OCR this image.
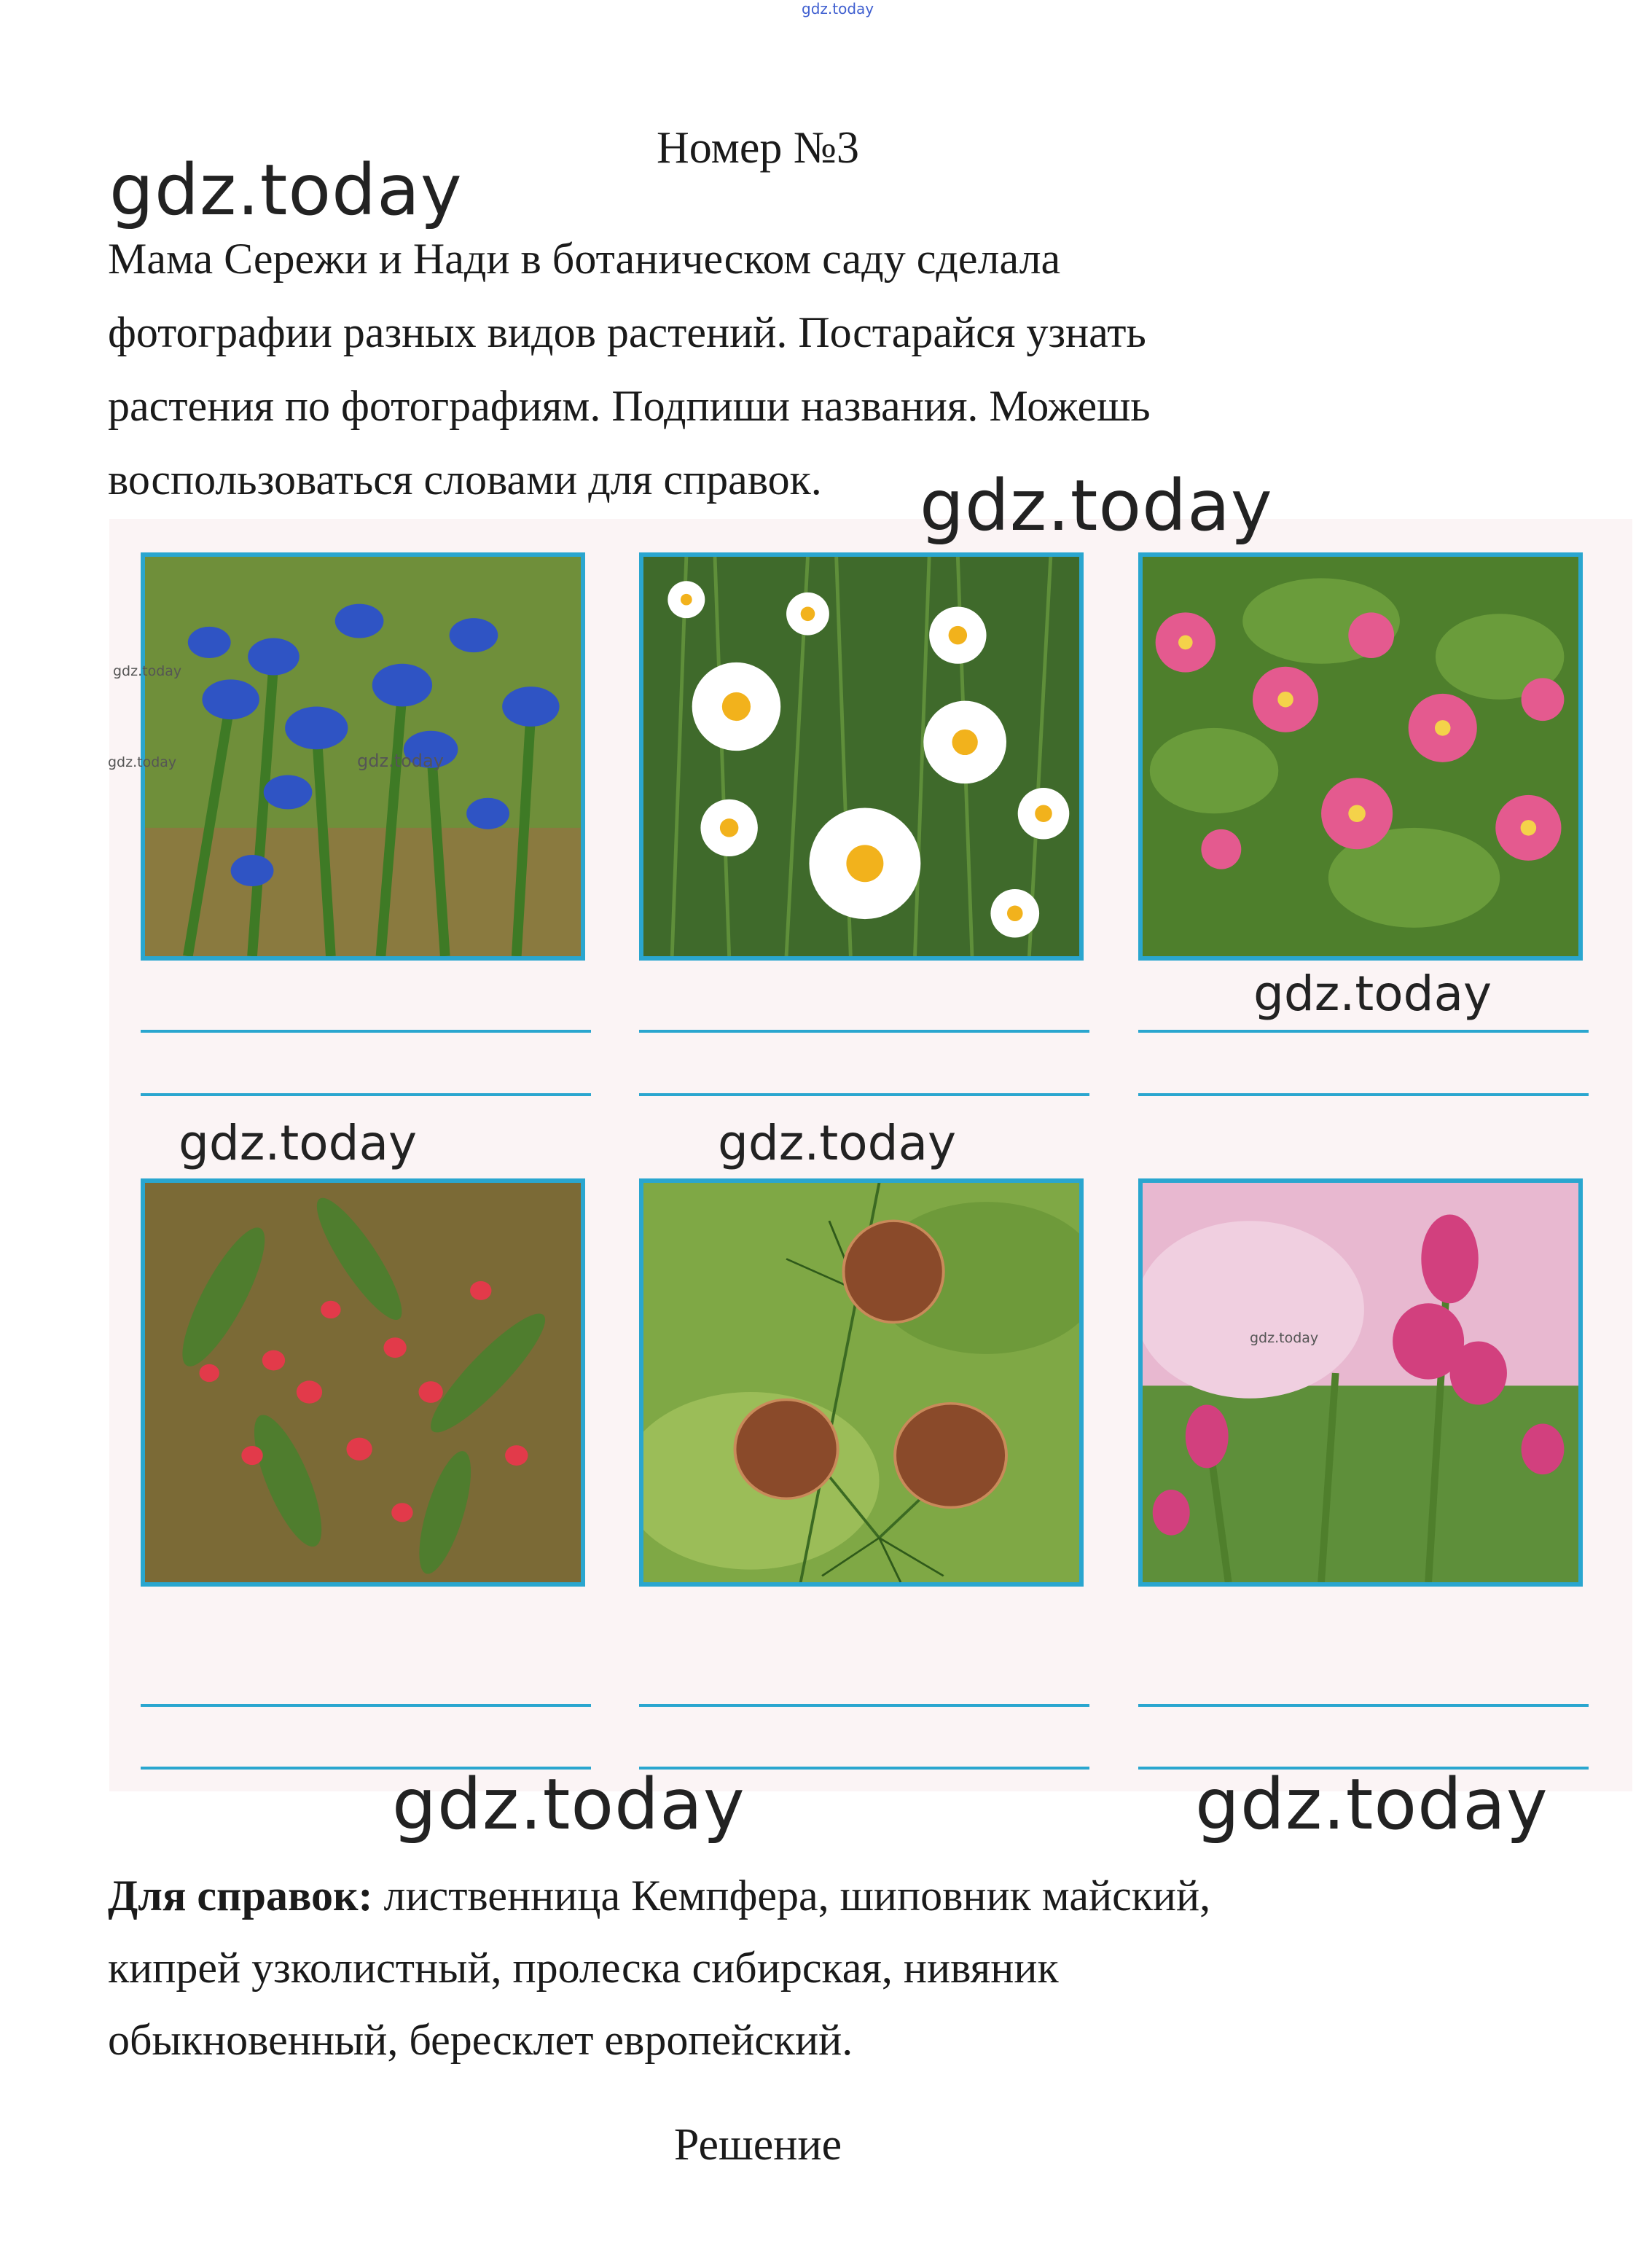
gdz.today
Номер №3
gdz.today
Мама Сережи и Нади в ботаническом саду сделала
фотографии разных видов растений. Постарайся узнать
растения по фотографиям. Подпиши названия. Можешь
воспользоваться словами для справок.	gdz.today
gdz.today
gdz.today	gdz.today
gdz.today	gdz.today
gdz.today
gdz.today	gdz.today
gdz.today
Для справок: лиственница Кемпфера, шиповник майский,
кипрей узколистный, пролеска сибирская, нивяник
обыкновенный, бересклет европейский.
Решение
